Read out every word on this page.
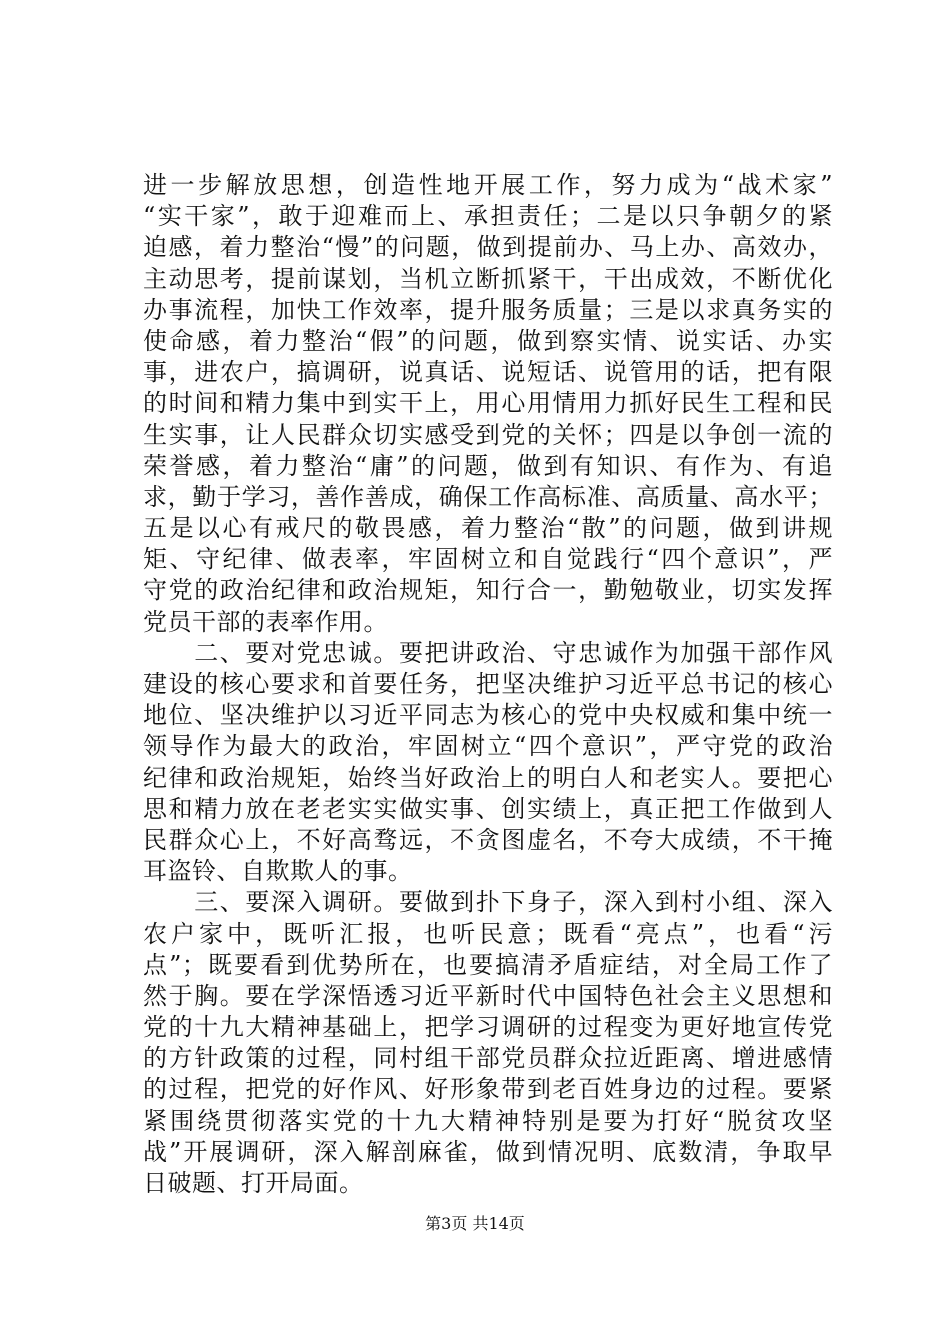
进一步解放思想，创造性地开展工作，努力成为“战术家”
“实干家”，敢于迎难而上、承担责任；二是以只争朝夕的紧
迫感，着力整治“慢”的问题，做到提前办、马上办、高效办，
主动思考，提前谋划，当机立断抓紧干，干出成效，不断优化
办事流程，加快工作效率，提升服务质量；三是以求真务实的
使命感，着力整治“假”的问题，做到察实情、说实话、办实
事，进农户，搞调研，说真话、说短话、说管用的话，把有限
的时间和精力集中到实干上，用心用情用力抓好民生工程和民
生实事，让人民群众切实感受到党的关怀；四是以争创一流的
荣誉感，着力整治“庸”的问题，做到有知识、有作为、有追
求，勤于学习，善作善成，确保工作高标准、高质量、高水平；
五是以心有戒尺的敬畏感，着力整治“散”的问题，做到讲规
矩、守纪律、做表率，牢固树立和自觉践行“四个意识”，严
守党的政治纪律和政治规矩，知行合一，勤勉敬业，切实发挥
党员干部的表率作用。
　　二、要对党忠诚。要把讲政治、守忠诚作为加强干部作风
建设的核心要求和首要任务，把坚决维护习近平总书记的核心
地位、坚决维护以习近平同志为核心的党中央权威和集中统一
领导作为最大的政治，牢固树立“四个意识”，严守党的政治
纪律和政治规矩，始终当好政治上的明白人和老实人。要把心
思和精力放在老老实实做实事、创实绩上，真正把工作做到人
民群众心上，不好高骛远，不贪图虚名，不夸大成绩，不干掩
耳盗铃、自欺欺人的事。
　　三、要深入调研。要做到扑下身子，深入到村小组、深入
农户家中，既听汇报，也听民意；既看“亮点”，也看“污
点”；既要看到优势所在，也要搞清矛盾症结，对全局工作了
然于胸。要在学深悟透习近平新时代中国特色社会主义思想和
党的十九大精神基础上，把学习调研的过程变为更好地宣传党
的方针政策的过程，同村组干部党员群众拉近距离、增进感情
的过程，把党的好作风、好形象带到老百姓身边的过程。要紧
紧围绕贯彻落实党的十九大精神特别是要为打好“脱贫攻坚
战”开展调研，深入解剖麻雀，做到情况明、底数清，争取早
日破题、打开局面。
第3页 共14页
